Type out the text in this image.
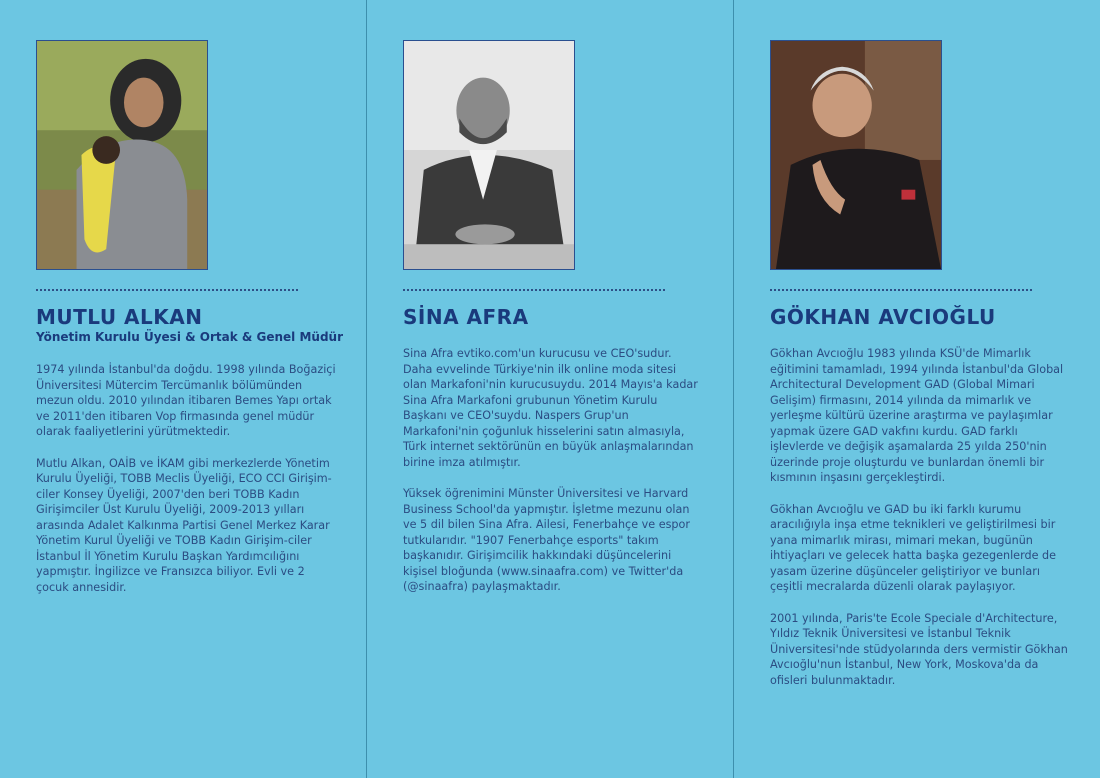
MUTLU ALKAN
Yönetim Kurulu Üyesi & Ortak & Genel Müdür

1974 yılında İstanbul'da doğdu. 1998 yılında Boğaziçi Üniversitesi Mütercim Tercümanlık bölümünden mezun oldu. 2010 yılından itibaren Bemes Yapı ortak ve 2011'den itibaren Vop firmasında genel müdür olarak faaliyetlerini yürütmektedir.

Mutlu Alkan, OAİB ve İKAM gibi merkezlerde Yönetim Kurulu Üyeliği, TOBB Meclis Üyeliği, ECO CCI Girişim-ciler Konsey Üyeliği, 2007'den beri TOBB Kadın Girişimciler Üst Kurulu Üyeliği, 2009-2013 yılları arasında Adalet Kalkınma Partisi Genel Merkez Karar Yönetim Kurul Üyeliği ve TOBB Kadın Girişim-ciler İstanbul İl Yönetim Kurulu Başkan Yardımcılığını yapmıştır. İngilizce ve Fransızca biliyor. Evli ve 2 çocuk annesidir.

SİNA AFRA

Sina Afra evtiko.com'un kurucusu ve CEO'sudur. Daha evvelinde Türkiye'nin ilk online moda sitesi olan Markafoni'nin kurucusuydu. 2014 Mayıs'a kadar Sina Afra Markafoni grubunun Yönetim Kurulu Başkanı ve CEO'suydu. Naspers Grup'un Markafoni'nin çoğunluk hisselerini satın almasıyla, Türk internet sektörünün en büyük anlaşmalarından birine imza atılmıştır.

Yüksek öğrenimini Münster Üniversitesi ve Harvard Business School'da yapmıştır. İşletme mezunu olan ve 5 dil bilen Sina Afra. Ailesi, Fenerbahçe ve espor tutkularıdır. "1907 Fenerbahçe esports" takım başkanıdır. Girişimcilik hakkındaki düşüncelerini kişisel bloğunda (www.sinaafra.com) ve Twitter'da (@sinaafra) paylaşmaktadır.

GÖKHAN AVCIOĞLU

Gökhan Avcıoğlu 1983 yılında KSÜ'de Mimarlık eğitimini tamamladı, 1994 yılında İstanbul'da Global Architectural Development GAD (Global Mimari Gelişim) firmasını, 2014 yılında da mimarlık ve yerleşme kültürü üzerine araştırma ve paylaşımlar yapmak üzere GAD vakfını kurdu. GAD farklı işlevlerde ve değişik aşamalarda 25 yılda 250'nin üzerinde proje oluşturdu ve bunlardan önemli bir kısmının inşasını gerçekleştirdi.

Gökhan Avcıoğlu ve GAD bu iki farklı kurumu aracılığıyla inşa etme teknikleri ve geliştirilmesi bir yana mimarlık mirası, mimari mekan, bugünün ihtiyaçları ve gelecek hatta başka gezegenlerde de yasam üzerine düşünceler geliştiriyor ve bunları çeşitli mecralarda düzenli olarak paylaşıyor.

2001 yılında, Paris'te Ecole Speciale d'Architecture, Yıldız Teknik Üniversitesi ve İstanbul Teknik Üniversitesi'nde stüdyolarında ders vermistir Gökhan Avcıoğlu'nun İstanbul, New York, Moskova'da da ofisleri bulunmaktadır.
